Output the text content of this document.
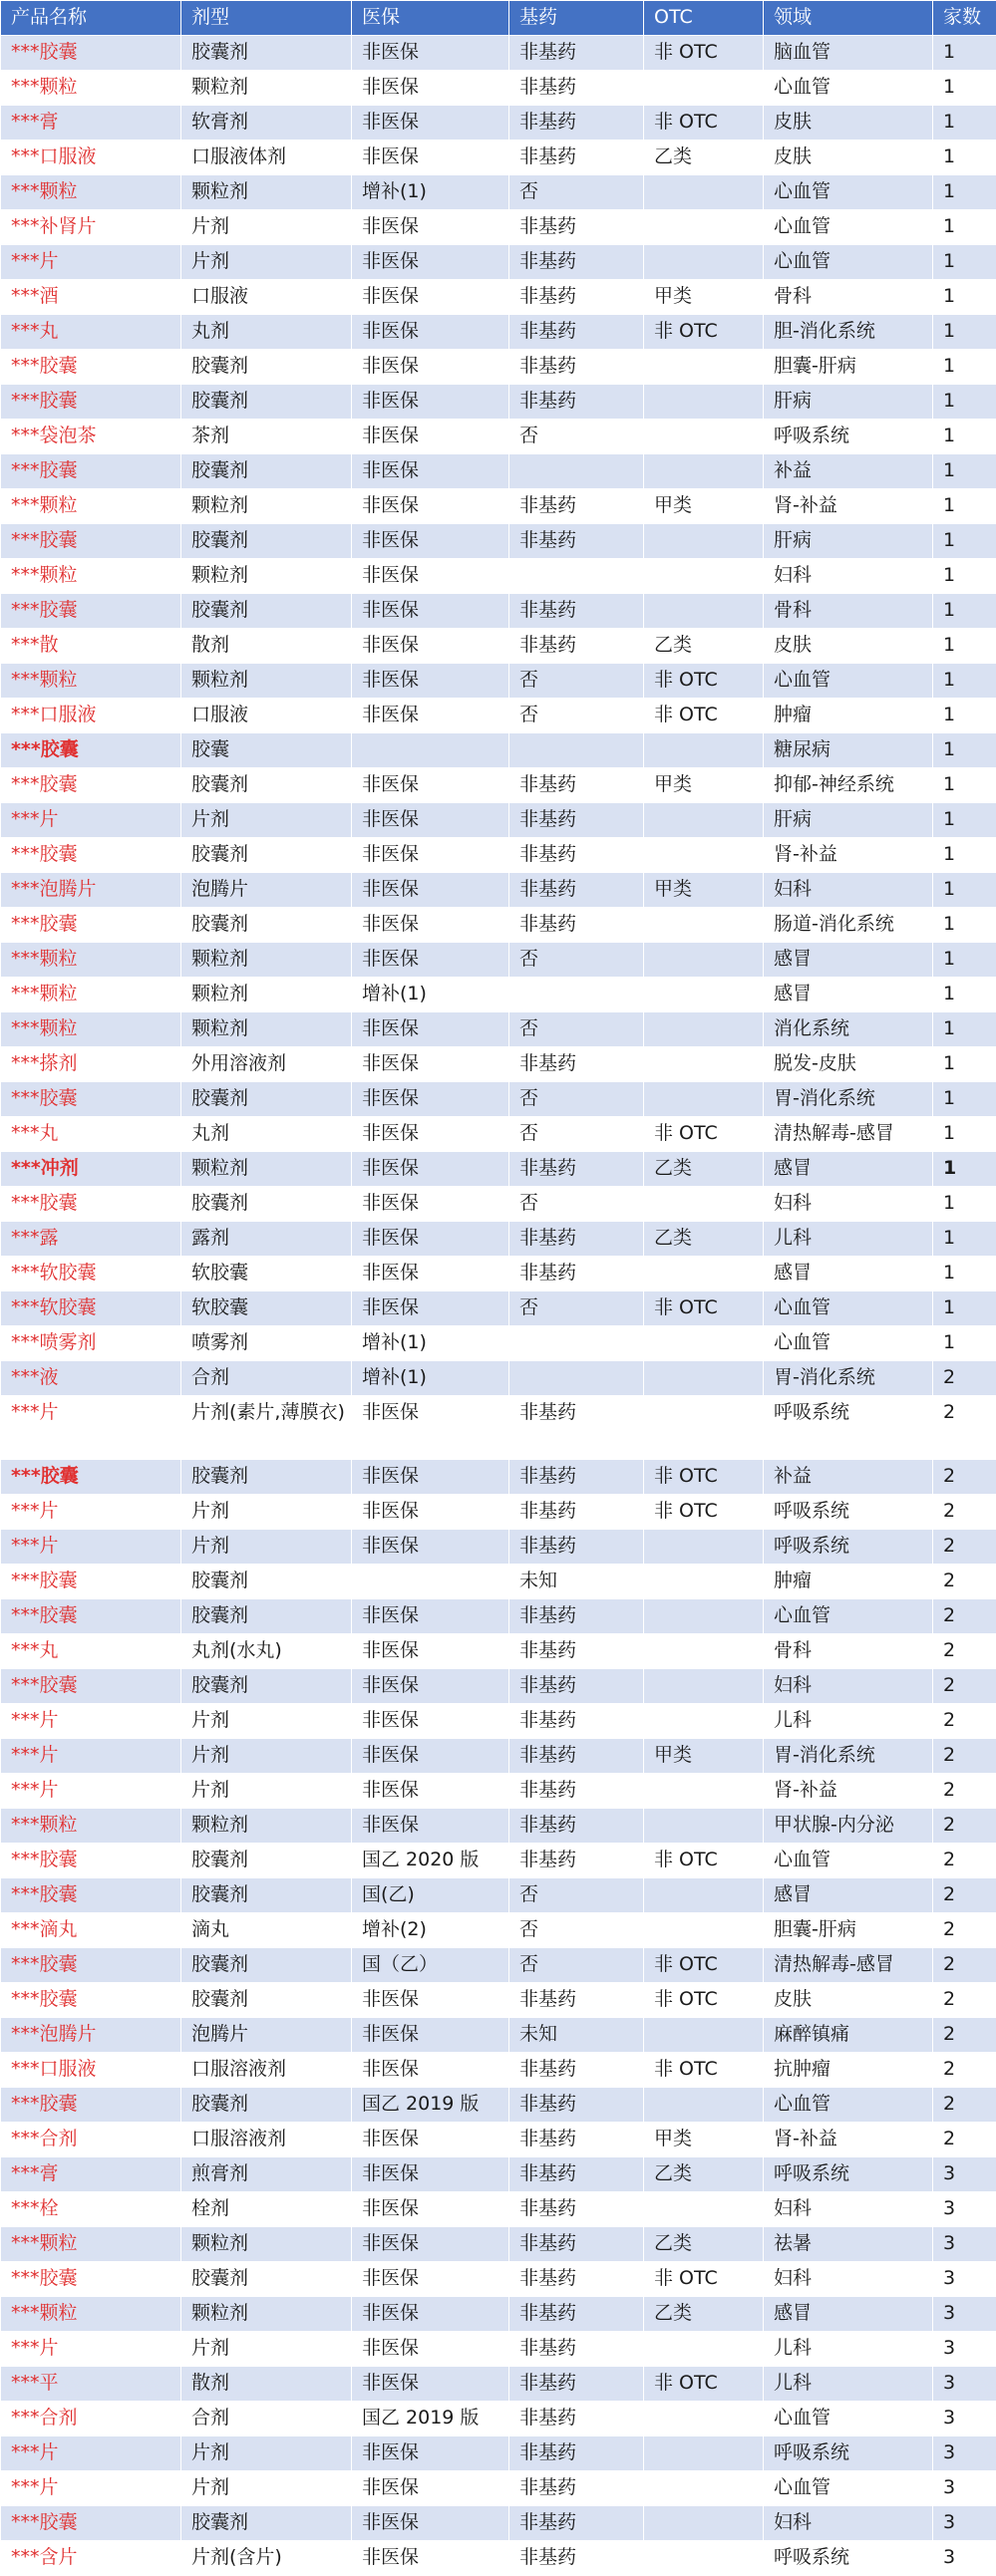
产品名称	剂型	医保	基药	OTC	领域	家数
***胶囊	胶囊剂	非医保	非基药	非 OTC	脑血管	1
***颗粒	颗粒剂	非医保	非基药		心血管	1
***膏	软膏剂	非医保	非基药	非 OTC	皮肤	1
***口服液	口服液体剂	非医保	非基药	乙类	皮肤	1
***颗粒	颗粒剂	增补(1)	否		心血管	1
***补肾片	片剂	非医保	非基药		心血管	1
***片	片剂	非医保	非基药		心血管	1
***酒	口服液	非医保	非基药	甲类	骨科	1
***丸	丸剂	非医保	非基药	非 OTC	胆-消化系统	1
***胶囊	胶囊剂	非医保	非基药		胆囊-肝病	1
***胶囊	胶囊剂	非医保	非基药		肝病	1
***袋泡茶	茶剂	非医保	否		呼吸系统	1
***胶囊	胶囊剂	非医保			补益	1
***颗粒	颗粒剂	非医保	非基药	甲类	肾-补益	1
***胶囊	胶囊剂	非医保	非基药		肝病	1
***颗粒	颗粒剂	非医保			妇科	1
***胶囊	胶囊剂	非医保	非基药		骨科	1
***散	散剂	非医保	非基药	乙类	皮肤	1
***颗粒	颗粒剂	非医保	否	非 OTC	心血管	1
***口服液	口服液	非医保	否	非 OTC	肿瘤	1
***胶囊	胶囊				糖尿病	1
***胶囊	胶囊剂	非医保	非基药	甲类	抑郁-神经系统	1
***片	片剂	非医保	非基药		肝病	1
***胶囊	胶囊剂	非医保	非基药		肾-补益	1
***泡腾片	泡腾片	非医保	非基药	甲类	妇科	1
***胶囊	胶囊剂	非医保	非基药		肠道-消化系统	1
***颗粒	颗粒剂	非医保	否		感冒	1
***颗粒	颗粒剂	增补(1)			感冒	1
***颗粒	颗粒剂	非医保	否		消化系统	1
***搽剂	外用溶液剂	非医保	非基药		脱发-皮肤	1
***胶囊	胶囊剂	非医保	否		胃-消化系统	1
***丸	丸剂	非医保	否	非 OTC	清热解毒-感冒	1
***冲剂	颗粒剂	非医保	非基药	乙类	感冒	1
***胶囊	胶囊剂	非医保	否		妇科	1
***露	露剂	非医保	非基药	乙类	儿科	1
***软胶囊	软胶囊	非医保	非基药		感冒	1
***软胶囊	软胶囊	非医保	否	非 OTC	心血管	1
***喷雾剂	喷雾剂	增补(1)			心血管	1
***液	合剂	增补(1)			胃-消化系统	2
***片	片剂(素片,薄膜衣)	非医保	非基药		呼吸系统	2
***胶囊	胶囊剂	非医保	非基药	非 OTC	补益	2
***片	片剂	非医保	非基药	非 OTC	呼吸系统	2
***片	片剂	非医保	非基药		呼吸系统	2
***胶囊	胶囊剂		未知		肿瘤	2
***胶囊	胶囊剂	非医保	非基药		心血管	2
***丸	丸剂(水丸)	非医保	非基药		骨科	2
***胶囊	胶囊剂	非医保	非基药		妇科	2
***片	片剂	非医保	非基药		儿科	2
***片	片剂	非医保	非基药	甲类	胃-消化系统	2
***片	片剂	非医保	非基药		肾-补益	2
***颗粒	颗粒剂	非医保	非基药		甲状腺-内分泌	2
***胶囊	胶囊剂	国乙 2020 版	非基药	非 OTC	心血管	2
***胶囊	胶囊剂	国(乙)	否		感冒	2
***滴丸	滴丸	增补(2)	否		胆囊-肝病	2
***胶囊	胶囊剂	国（乙）	否	非 OTC	清热解毒-感冒	2
***胶囊	胶囊剂	非医保	非基药	非 OTC	皮肤	2
***泡腾片	泡腾片	非医保	未知		麻醉镇痛	2
***口服液	口服溶液剂	非医保	非基药	非 OTC	抗肿瘤	2
***胶囊	胶囊剂	国乙 2019 版	非基药		心血管	2
***合剂	口服溶液剂	非医保	非基药	甲类	肾-补益	2
***膏	煎膏剂	非医保	非基药	乙类	呼吸系统	3
***栓	栓剂	非医保	非基药		妇科	3
***颗粒	颗粒剂	非医保	非基药	乙类	祛暑	3
***胶囊	胶囊剂	非医保	非基药	非 OTC	妇科	3
***颗粒	颗粒剂	非医保	非基药	乙类	感冒	3
***片	片剂	非医保	非基药		儿科	3
***平	散剂	非医保	非基药	非 OTC	儿科	3
***合剂	合剂	国乙 2019 版	非基药		心血管	3
***片	片剂	非医保	非基药		呼吸系统	3
***片	片剂	非医保	非基药		心血管	3
***胶囊	胶囊剂	非医保	非基药		妇科	3
***含片	片剂(含片)	非医保	非基药		呼吸系统	3
